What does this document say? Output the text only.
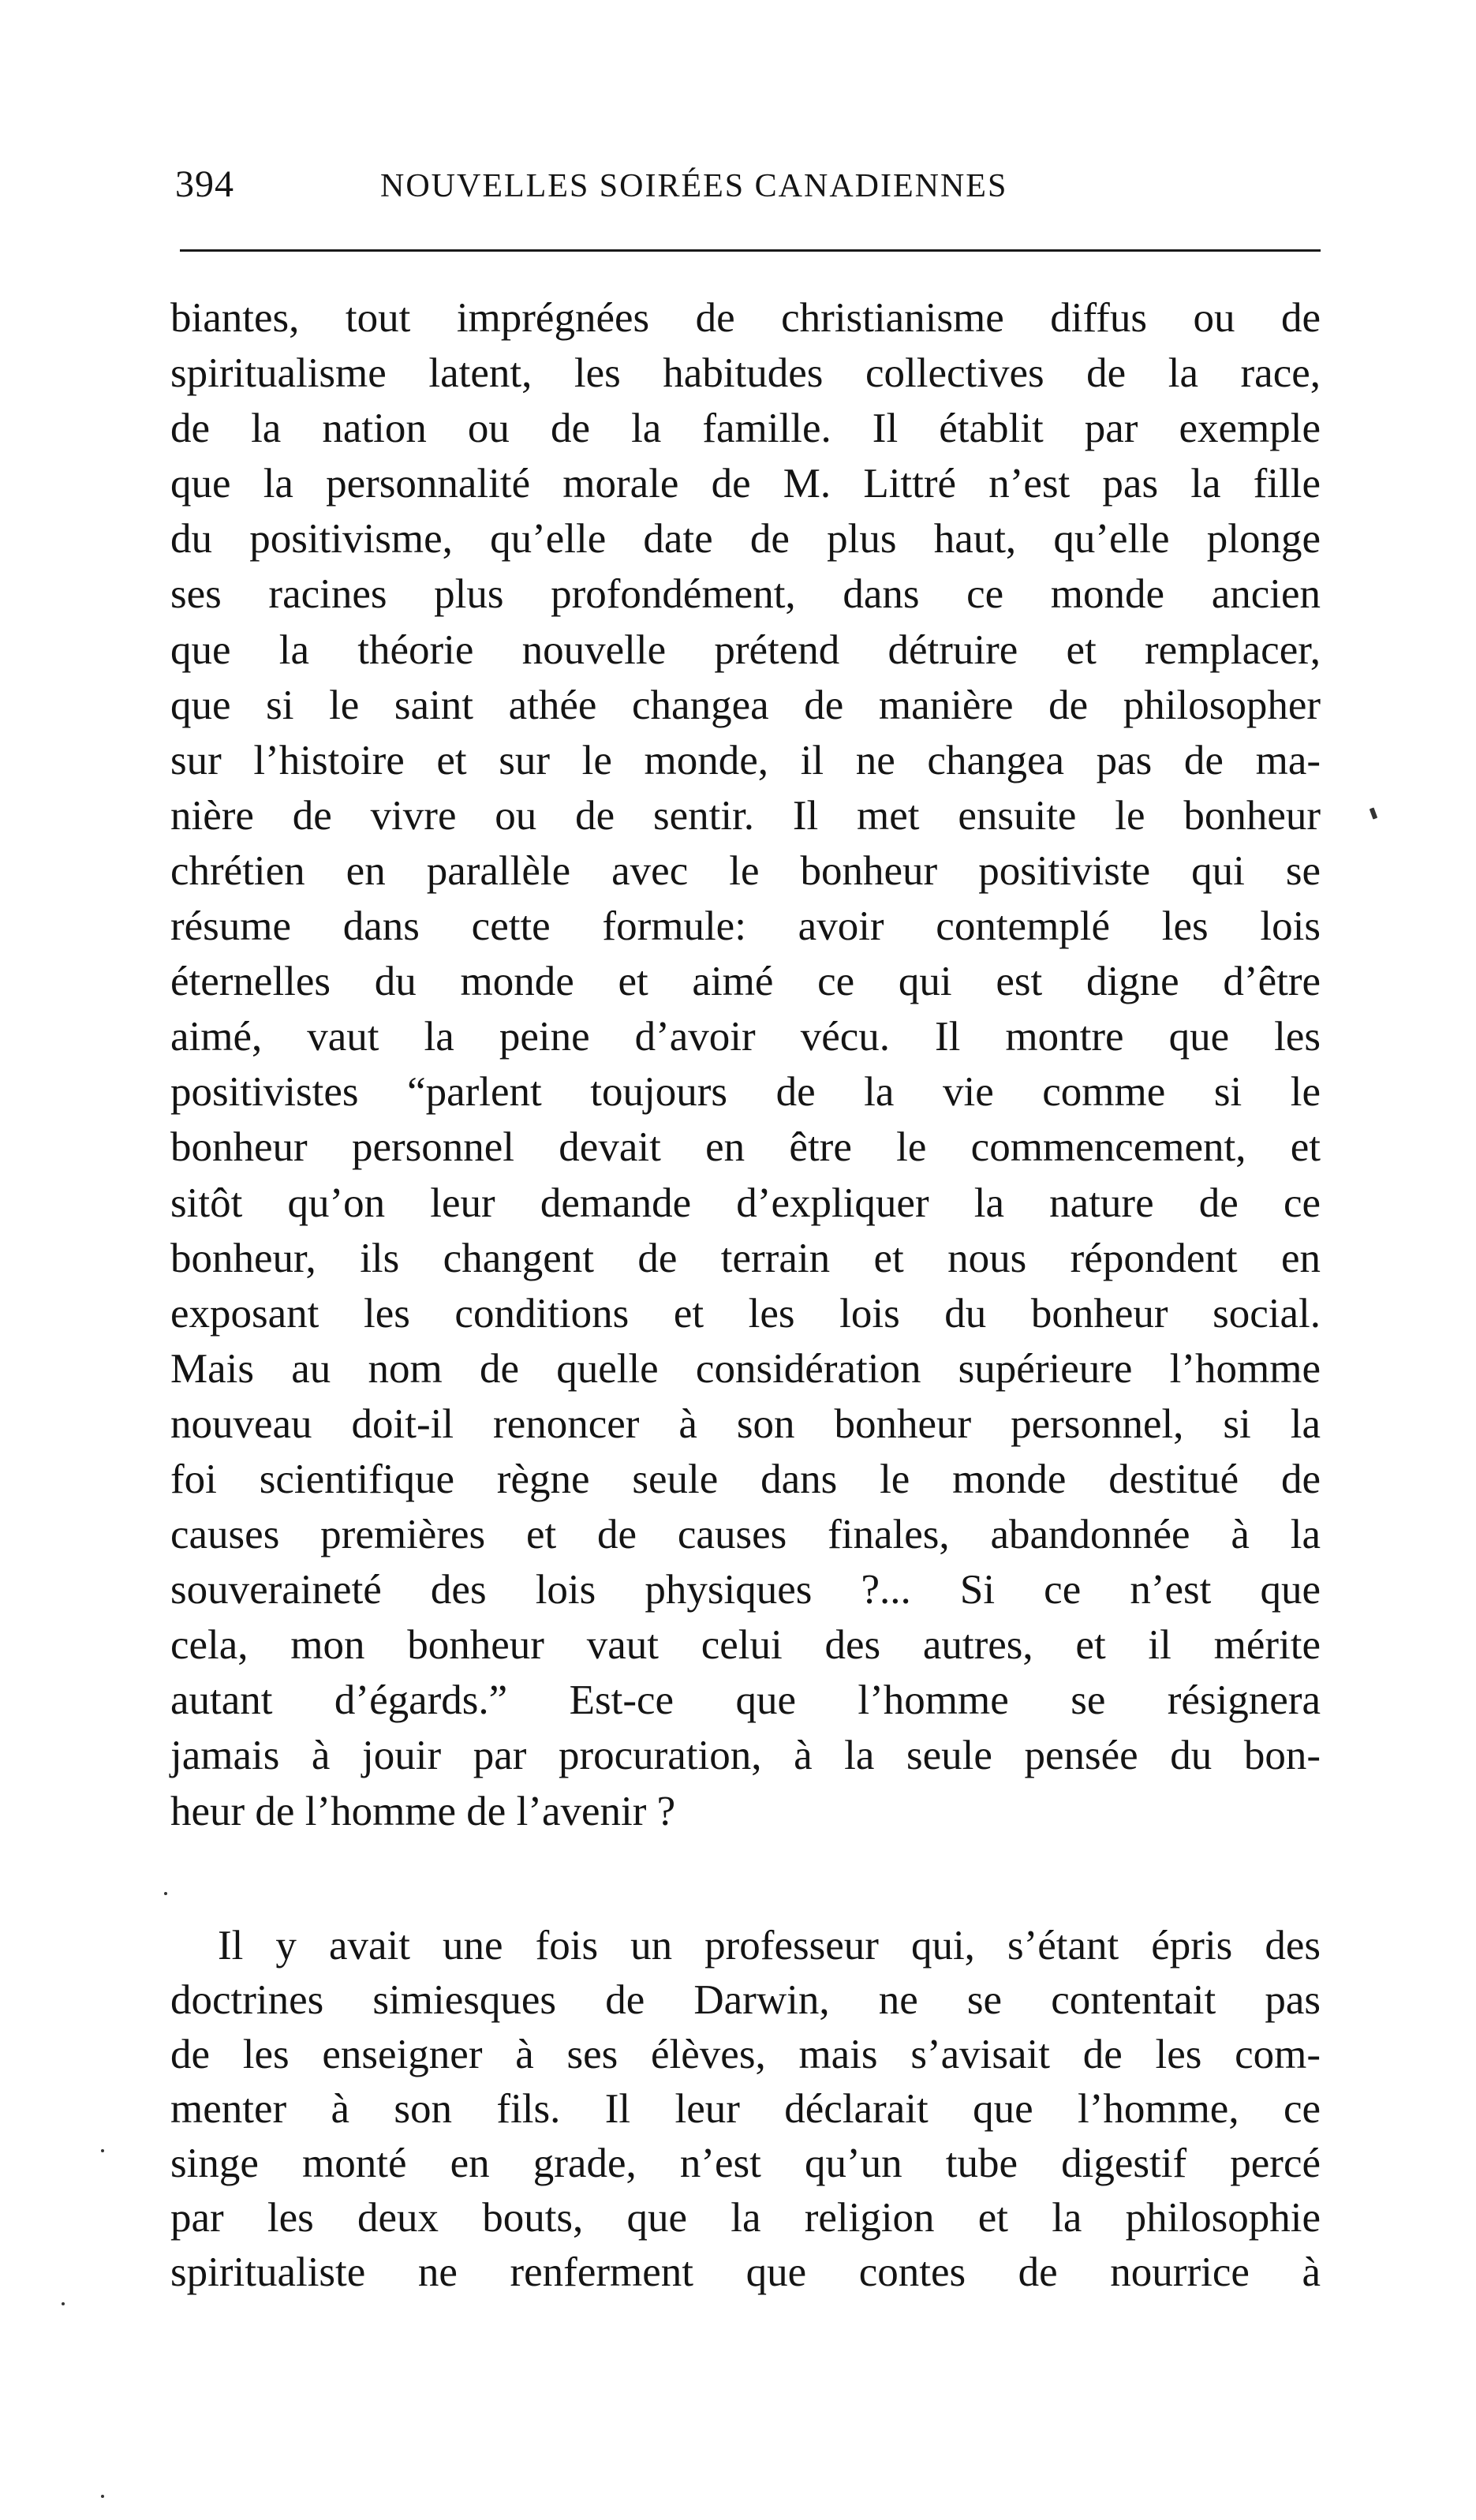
394	NOUVELLES SOIRÉES CANADIENNES
biantes, tout imprégnées de christianisme diffus ou de
spiritualisme latent, les habitudes collectives de la race,
de la nation ou de la famille. Il établit par exemple
que la personnalité morale de M. Littré n’est pas la fille
du positivisme, qu’elle date de plus haut, qu’elle plonge
ses racines plus profondément, dans ce monde ancien
que la théorie nouvelle prétend détruire et remplacer,
que si le saint athée changea de manière de philosopher
sur l’histoire et sur le monde, il ne changea pas de ma-
nière de vivre ou de sentir. Il met ensuite le bonheur
chrétien en parallèle avec le bonheur positiviste qui se
résume dans cette formule: avoir contemplé les lois
éternelles du monde et aimé ce qui est digne d’être
aimé, vaut la peine d’avoir vécu. Il montre que les
positivistes “parlent toujours de la vie comme si le
bonheur personnel devait en être le commencement, et
sitôt qu’on leur demande d’expliquer la nature de ce
bonheur, ils changent de terrain et nous répondent en
exposant les conditions et les lois du bonheur social.
Mais au nom de quelle considération supérieure l’homme
nouveau doit-il renoncer à son bonheur personnel, si la
foi scientifique règne seule dans le monde destitué de
causes premières et de causes finales, abandonnée à la
souveraineté des lois physiques ?... Si ce n’est que
cela, mon bonheur vaut celui des autres, et il mérite
autant d’égards.” Est-ce que l’homme se résignera
jamais à jouir par procuration, à la seule pensée du bon-
heur de l’homme de l’avenir ?
Il y avait une fois un professeur qui, s’étant épris des
doctrines simiesques de Darwin, ne se contentait pas
de les enseigner à ses élèves, mais s’avisait de les com-
menter à son fils. Il leur déclarait que l’homme, ce
singe monté en grade, n’est qu’un tube digestif percé
par les deux bouts, que la religion et la philosophie
spiritualiste ne renferment que contes de nourrice à
